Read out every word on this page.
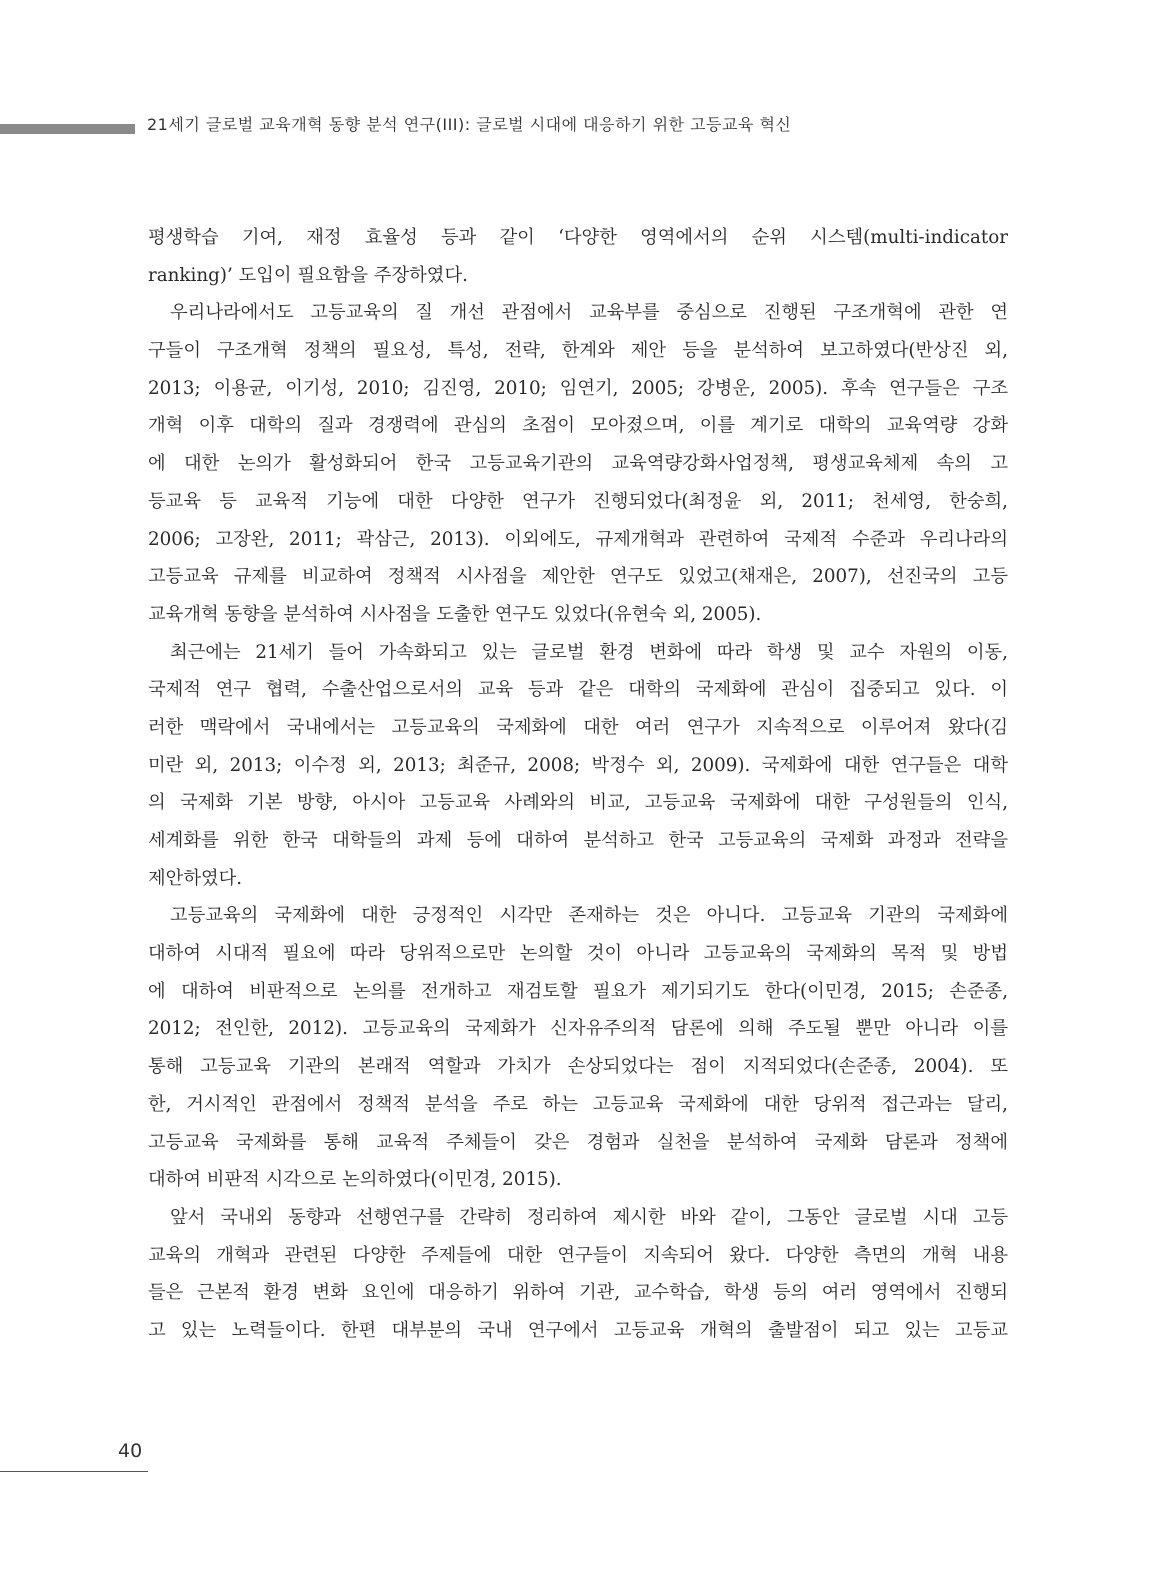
21세기 글로벌 교육개혁 동향 분석 연구(III): 글로벌 시대에 대응하기 위한 고등교육 혁신
평생학습 기여, 재정 효율성 등과 같이 ‘다양한 영역에서의 순위 시스템(multi-indicator
ranking)’ 도입이 필요함을 주장하였다.
우리나라에서도 고등교육의 질 개선 관점에서 교육부를 중심으로 진행된 구조개혁에 관한 연
구들이 구조개혁 정책의 필요성, 특성, 전략, 한계와 제안 등을 분석하여 보고하였다(반상진 외,
2013; 이용균, 이기성, 2010; 김진영, 2010; 임연기, 2005; 강병운, 2005). 후속 연구들은 구조
개혁 이후 대학의 질과 경쟁력에 관심의 초점이 모아졌으며, 이를 계기로 대학의 교육역량 강화
에 대한 논의가 활성화되어 한국 고등교육기관의 교육역량강화사업정책, 평생교육체제 속의 고
등교육 등 교육적 기능에 대한 다양한 연구가 진행되었다(최정윤 외, 2011; 천세영, 한숭희,
2006; 고장완, 2011; 곽삼근, 2013). 이외에도, 규제개혁과 관련하여 국제적 수준과 우리나라의
고등교육 규제를 비교하여 정책적 시사점을 제안한 연구도 있었고(채재은, 2007), 선진국의 고등
교육개혁 동향을 분석하여 시사점을 도출한 연구도 있었다(유현숙 외, 2005).
최근에는 21세기 들어 가속화되고 있는 글로벌 환경 변화에 따라 학생 및 교수 자원의 이동,
국제적 연구 협력, 수출산업으로서의 교육 등과 같은 대학의 국제화에 관심이 집중되고 있다. 이
러한 맥락에서 국내에서는 고등교육의 국제화에 대한 여러 연구가 지속적으로 이루어져 왔다(김
미란 외, 2013; 이수정 외, 2013; 최준규, 2008; 박정수 외, 2009). 국제화에 대한 연구들은 대학
의 국제화 기본 방향, 아시아 고등교육 사례와의 비교, 고등교육 국제화에 대한 구성원들의 인식,
세계화를 위한 한국 대학들의 과제 등에 대하여 분석하고 한국 고등교육의 국제화 과정과 전략을
제안하였다.
고등교육의 국제화에 대한 긍정적인 시각만 존재하는 것은 아니다. 고등교육 기관의 국제화에
대하여 시대적 필요에 따라 당위적으로만 논의할 것이 아니라 고등교육의 국제화의 목적 및 방법
에 대하여 비판적으로 논의를 전개하고 재검토할 필요가 제기되기도 한다(이민경, 2015; 손준종,
2012; 전인한, 2012). 고등교육의 국제화가 신자유주의적 담론에 의해 주도될 뿐만 아니라 이를
통해 고등교육 기관의 본래적 역할과 가치가 손상되었다는 점이 지적되었다(손준종, 2004). 또
한, 거시적인 관점에서 정책적 분석을 주로 하는 고등교육 국제화에 대한 당위적 접근과는 달리,
고등교육 국제화를 통해 교육적 주체들이 갖은 경험과 실천을 분석하여 국제화 담론과 정책에
대하여 비판적 시각으로 논의하였다(이민경, 2015).
앞서 국내외 동향과 선행연구를 간략히 정리하여 제시한 바와 같이, 그동안 글로벌 시대 고등
교육의 개혁과 관련된 다양한 주제들에 대한 연구들이 지속되어 왔다. 다양한 측면의 개혁 내용
들은 근본적 환경 변화 요인에 대응하기 위하여 기관, 교수학습, 학생 등의 여러 영역에서 진행되
고 있는 노력들이다. 한편 대부분의 국내 연구에서 고등교육 개혁의 출발점이 되고 있는 고등교
40
